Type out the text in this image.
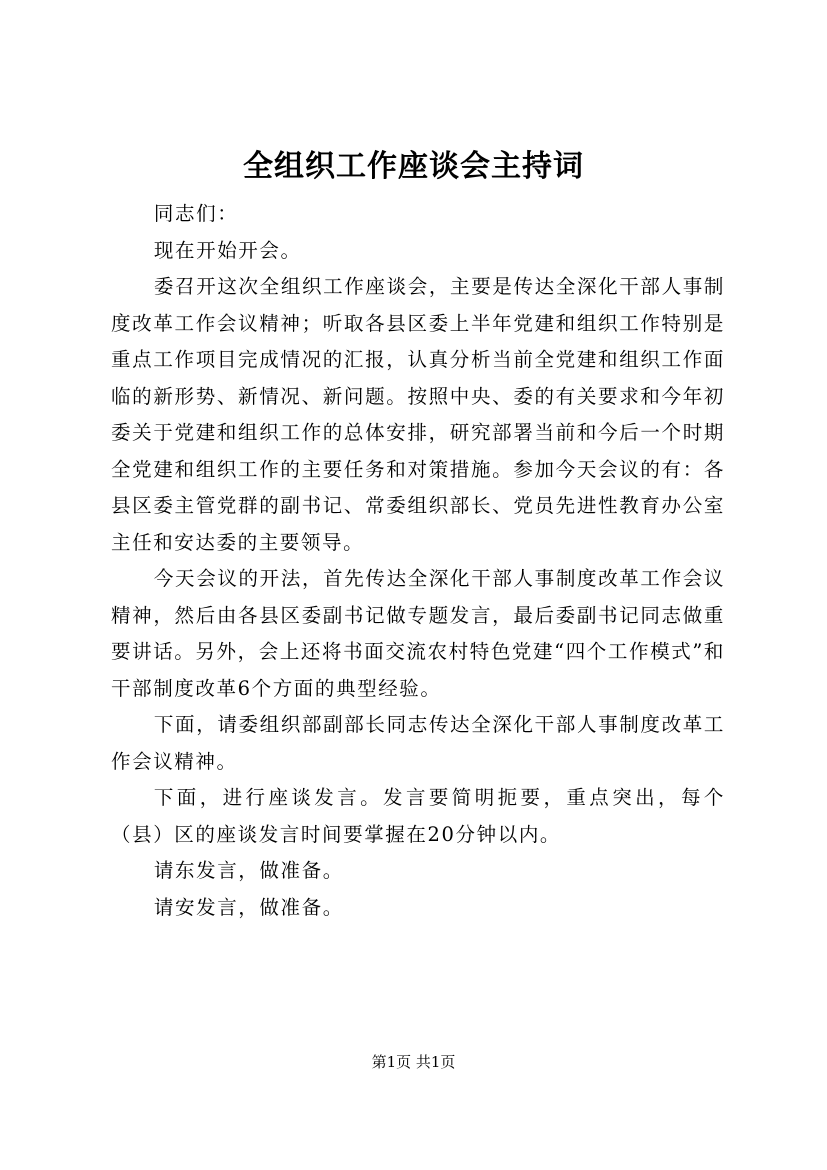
全组织工作座谈会主持词

同志们：

现在开始开会。

委召开这次全组织工作座谈会，主要是传达全深化干部人事制度改革工作会议精神；听取各县区委上半年党建和组织工作特别是重点工作项目完成情况的汇报，认真分析当前全党建和组织工作面临的新形势、新情况、新问题。按照中央、委的有关要求和今年初委关于党建和组织工作的总体安排，研究部署当前和今后一个时期全党建和组织工作的主要任务和对策措施。参加今天会议的有：各县区委主管党群的副书记、常委组织部长、党员先进性教育办公室主任和安达委的主要领导。

今天会议的开法，首先传达全深化干部人事制度改革工作会议精神，然后由各县区委副书记做专题发言，最后委副书记同志做重要讲话。另外，会上还将书面交流农村特色党建“四个工作模式”和干部制度改革6个方面的典型经验。

下面，请委组织部副部长同志传达全深化干部人事制度改革工作会议精神。

下面，进行座谈发言。发言要简明扼要，重点突出，每个（县）区的座谈发言时间要掌握在20分钟以内。

请东发言，做准备。

请安发言，做准备。

第1页 共1页
